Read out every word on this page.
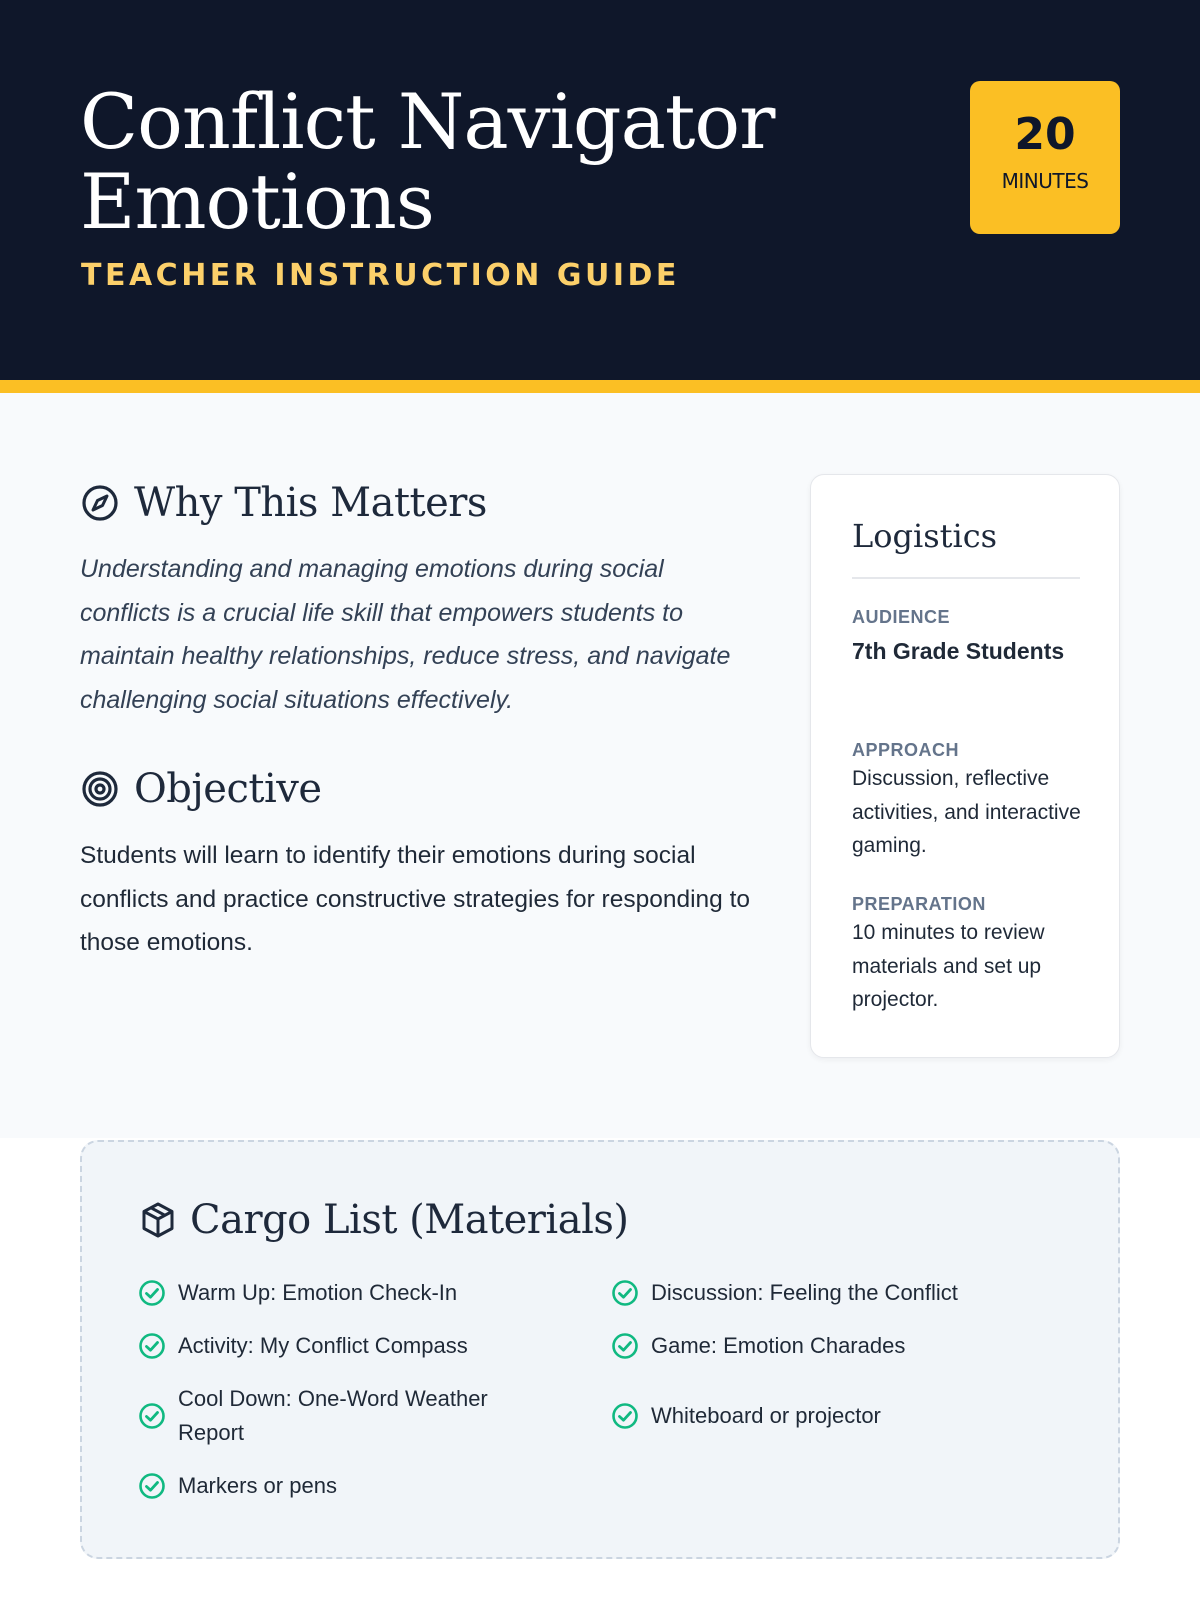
Conflict Navigator Emotions
TEACHER INSTRUCTION GUIDE
20
MINUTES
Why This Matters

Understanding and managing emotions during social conflicts is a crucial life skill that empowers students to maintain healthy relationships, reduce stress, and navigate challenging social situations effectively.

Objective

Students will learn to identify their emotions during social conflicts and practice constructive strategies for responding to those emotions.

Logistics
AUDIENCE
7th Grade Students
APPROACH
Discussion, reflective activities, and interactive gaming.
PREPARATION
10 minutes to review materials and set up projector.
Cargo List (Materials)
Warm Up: Emotion Check-In	Discussion: Feeling the Conflict
Activity: My Conflict Compass	Game: Emotion Charades
Cool Down: One-Word Weather Report
Whiteboard or projector
Markers or pens
